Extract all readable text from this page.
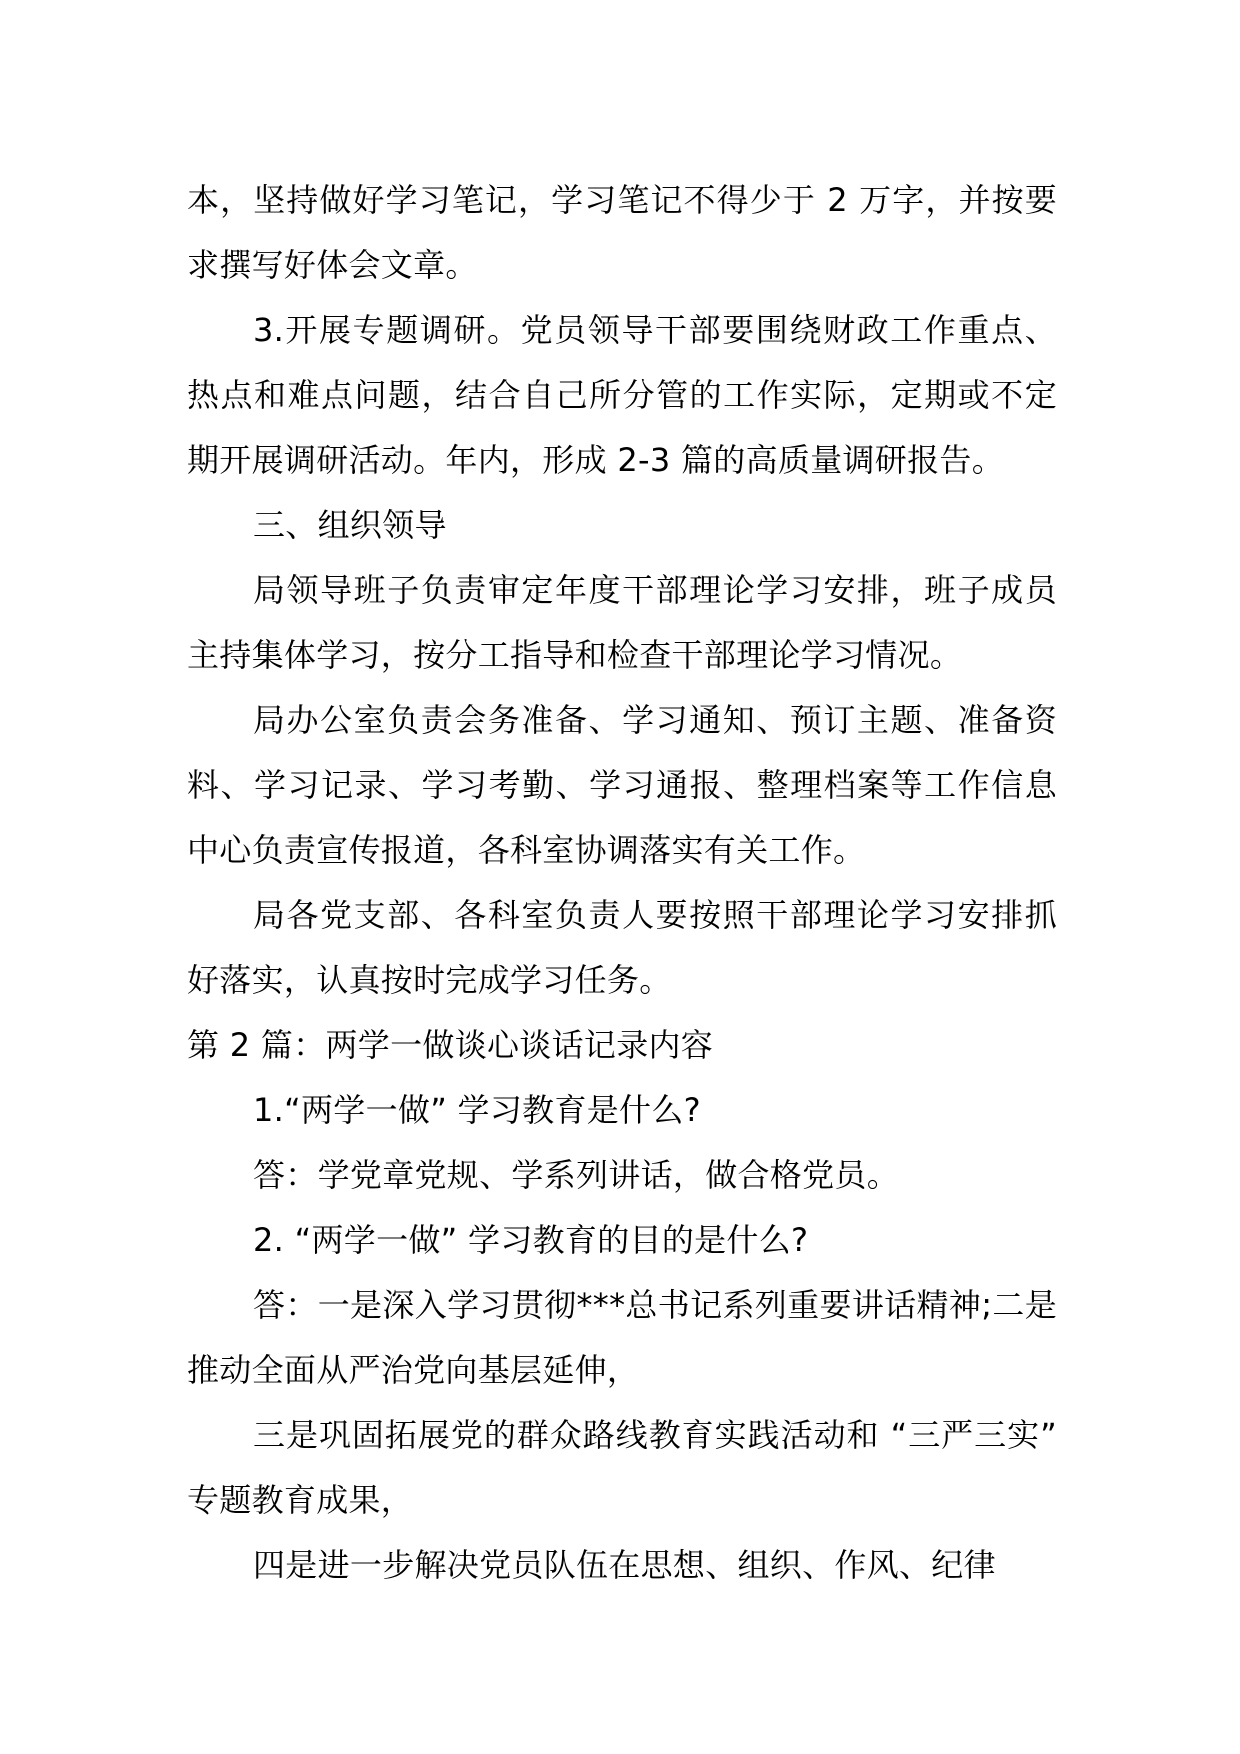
本，坚持做好学习笔记，学习笔记不得少于 2 万字，并按要求撰写好体会文章。

3.开展专题调研。党员领导干部要围绕财政工作重点、热点和难点问题，结合自己所分管的工作实际，定期或不定期开展调研活动。年内，形成 2-3 篇的高质量调研报告。

三、组织领导

局领导班子负责审定年度干部理论学习安排，班子成员主持集体学习，按分工指导和检查干部理论学习情况。

局办公室负责会务准备、学习通知、预订主题、准备资料、学习记录、学习考勤、学习通报、整理档案等工作信息中心负责宣传报道，各科室协调落实有关工作。

局各党支部、各科室负责人要按照干部理论学习安排抓好落实，认真按时完成学习任务。

第 2 篇：两学一做谈心谈话记录内容

1.“两学一做” 学习教育是什么?

答：学党章党规、学系列讲话，做合格党员。

2. “两学一做” 学习教育的目的是什么?

答：一是深入学习贯彻***总书记系列重要讲话精神;二是推动全面从严治党向基层延伸，

三是巩固拓展党的群众路线教育实践活动和 “三严三实” 专题教育成果，

四是进一步解决党员队伍在思想、组织、作风、纪律
